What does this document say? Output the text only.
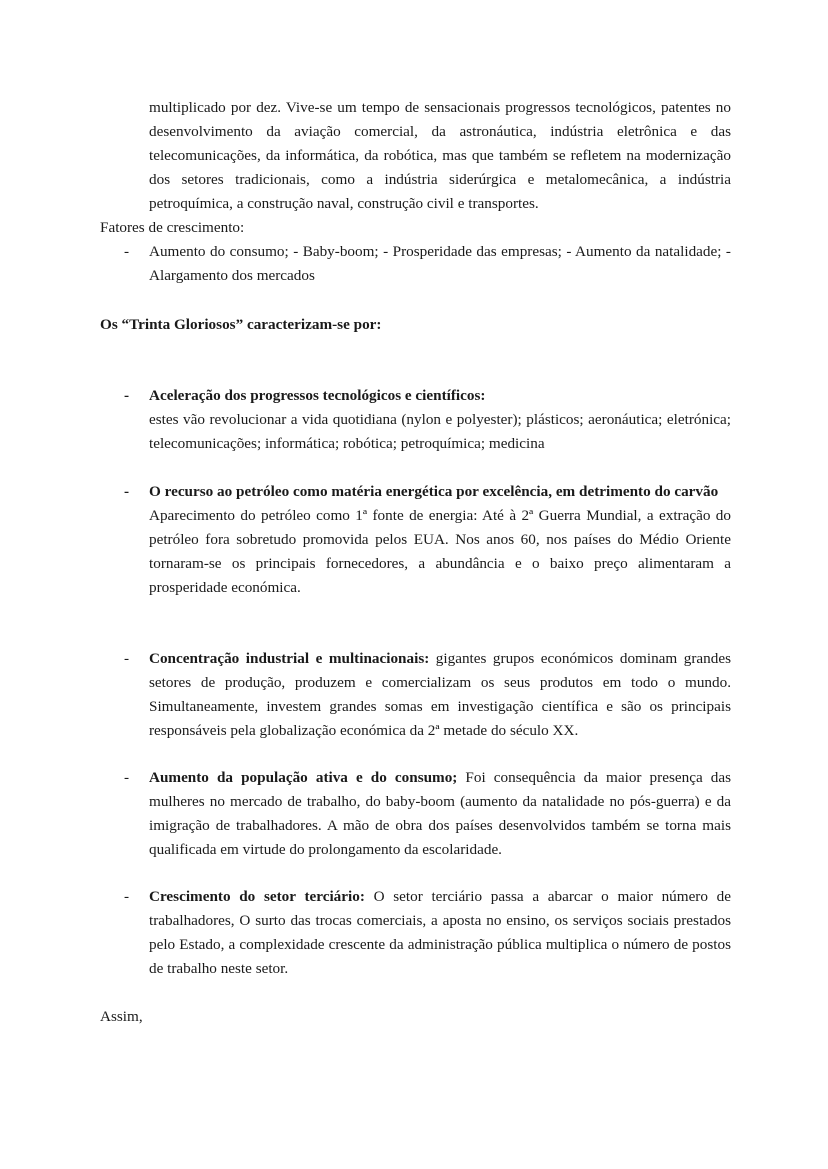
multiplicado por dez. Vive-se um tempo de sensacionais progressos tecnológicos, patentes no desenvolvimento da aviação comercial, da astronáutica, indústria eletrônica e das telecomunicações, da informática, da robótica, mas que também se refletem na modernização dos setores tradicionais, como a indústria siderúrgica e metalomecânica, a indústria petroquímica, a construção naval, construção civil e transportes.
Fatores de crescimento:
- Aumento do consumo; - Baby-boom; - Prosperidade das empresas; - Aumento da natalidade; - Alargamento dos mercados
Os “Trinta Gloriosos” caracterizam-se por:
- Aceleração dos progressos tecnológicos e científicos:
estes vão revolucionar a vida quotidiana (nylon e polyester); plásticos; aeronáutica; eletrónica; telecomunicações; informática; robótica; petroquímica; medicina
- O recurso ao petróleo como matéria energética por excelência, em detrimento do carvão
Aparecimento do petróleo como 1ª fonte de energia: Até à 2ª Guerra Mundial, a extração do petróleo fora sobretudo promovida pelos EUA. Nos anos 60, nos países do Médio Oriente tornaram-se os principais fornecedores, a abundância e o baixo preço alimentaram a prosperidade económica.
- Concentração industrial e multinacionais: gigantes grupos económicos dominam grandes setores de produção, produzem e comercializam os seus produtos em todo o mundo. Simultaneamente, investem grandes somas em investigação científica e são os principais responsáveis pela globalização económica da 2ª metade do século XX.
- Aumento da população ativa e do consumo; Foi consequência da maior presença das mulheres no mercado de trabalho, do baby-boom (aumento da natalidade no pós-guerra) e da imigração de trabalhadores. A mão de obra dos países desenvolvidos também se torna mais qualificada em virtude do prolongamento da escolaridade.
- Crescimento do setor terciário: O setor terciário passa a abarcar o maior número de trabalhadores, O surto das trocas comerciais, a aposta no ensino, os serviços sociais prestados pelo Estado, a complexidade crescente da administração pública multiplica o número de postos de trabalho neste setor.
Assim,
